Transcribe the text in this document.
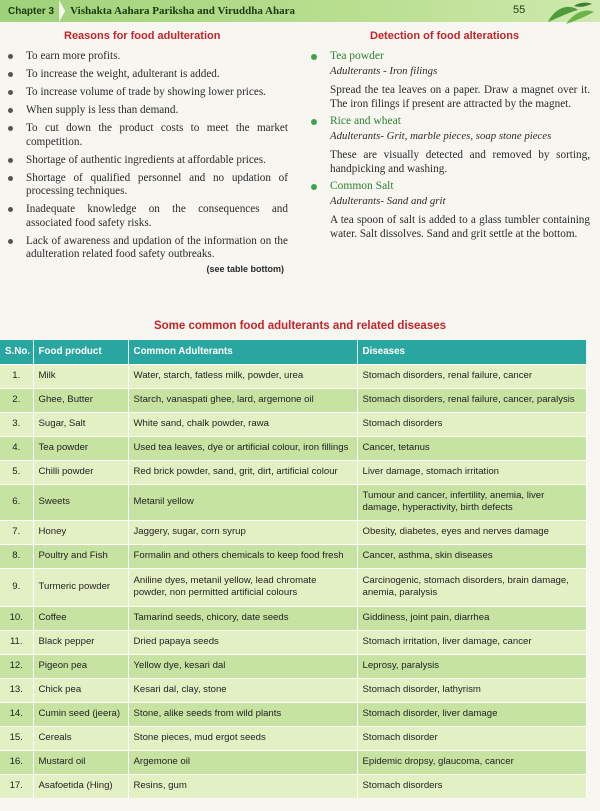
Chapter 3 Vishakta Aahara Pariksha and Viruddha Ahara	55
Reasons for food adulteration
To earn more profits.
To increase the weight, adulterant is added.
To increase volume of trade by showing lower prices.
When supply is less than demand.
To cut down the product costs to meet the market competition.
Shortage of authentic ingredients at affordable prices.
Shortage of qualified personnel and no updation of processing techniques.
Inadequate knowledge on the consequences and associated food safety risks.
Lack of awareness and updation of the information on the adulteration related food safety outbreaks.
(see table bottom)
Detection of food alterations
Tea powder
Adulterants - Iron filings
Spread the tea leaves on a paper. Draw a magnet over it. The iron filings if present are attracted by the magnet.
Rice and wheat
Adulterants- Grit, marble pieces, soap stone pieces
These are visually detected and removed by sorting, handpicking and washing.
Common Salt
Adulterants- Sand and grit
A tea spoon of salt is added to a glass tumbler containing water. Salt dissolves. Sand and grit settle at the bottom.
Some common food adulterants and related diseases
S.No.	Food product	Common Adulterants	Diseases
1.	Milk	Water, starch, fatless milk, powder, urea	Stomach disorders, renal failure, cancer
2.	Ghee, Butter	Starch, vanaspati ghee, lard, argemone oil	Stomach disorders, renal failure, cancer, paralysis
3.	Sugar, Salt	White sand, chalk powder, rawa	Stomach disorders
4.	Tea powder	Used tea leaves, dye or artificial colour, iron fillings	Cancer, tetanus
5.	Chilli powder	Red brick powder, sand, grit, dirt, artificial colour	Liver damage, stomach irritation
6.	Sweets	Metanil yellow	Tumour and cancer, infertility, anemia, liver damage, hyperactivity, birth defects
7.	Honey	Jaggery, sugar, corn syrup	Obesity, diabetes, eyes and nerves damage
8.	Poultry and Fish	Formalin and others chemicals to keep food fresh	Cancer, asthma, skin diseases
9.	Turmeric powder	Aniline dyes, metanil yellow, lead chromate powder, non permitted artificial colours	Carcinogenic, stomach disorders, brain damage, anemia, paralysis
10.	Coffee	Tamarind seeds, chicory, date seeds	Giddiness, joint pain, diarrhea
11.	Black pepper	Dried papaya seeds	Stomach irritation, liver damage, cancer
12.	Pigeon pea	Yellow dye, kesari dal	Leprosy, paralysis
13.	Chick pea	Kesari dal, clay, stone	Stomach disorder, lathyrism
14.	Cumin seed (jeera)	Stone, alike seeds from wild plants	Stomach disorder, liver damage
15.	Cereals	Stone pieces, mud ergot seeds	Stomach disorder
16.	Mustard oil	Argemone oil	Epidemic dropsy, glaucoma, cancer
17.	Asafoetida (Hing)	Resins, gum	Stomach disorders
